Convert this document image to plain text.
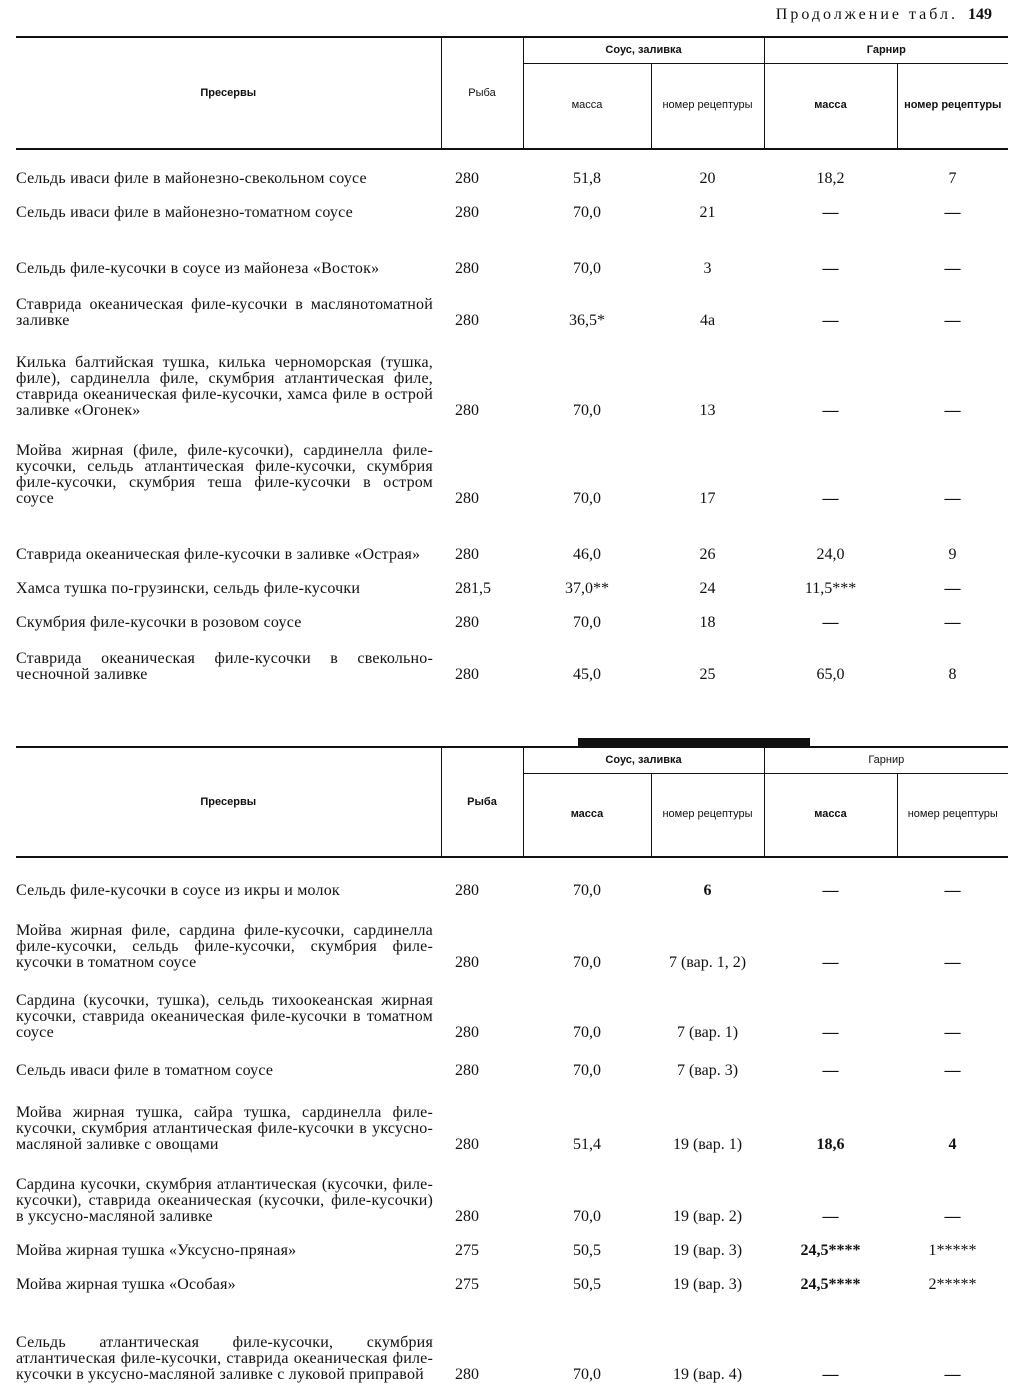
Продолжение табл. 149
Пресервы	Рыба	Соус, заливка		Гарнир	
		масса	номер рецептуры	масса	номер рецептуры
Сельдь иваси филе в майонезно-свекольном соусе	280	51,8	20	18,2	7
Сельдь иваси филе в майонезно-томатном соусе	280	70,0	21	—	—
Сельдь филе-кусочки в соусе из майонеза «Восток»	280	70,0	3	—	—
Ставрида океаническая филе-кусочки в маслянотоматной заливке	280	36,5*	4а	—	—
Килька балтийская тушка, килька черноморская (тушка, филе), сардинелла филе, скумбрия атлантическая филе, ставрида океаническая филе-кусочки, хамса филе в острой заливке «Огонек»	280	70,0	13	—	—
Мойва жирная (филе, филе-кусочки), сардинелла филе-кусочки, сельдь атлантическая филе-кусочки, скумбрия филе-кусочки, скумбрия теша филе-кусочки в остром соусе	280	70,0	17	—	—
Ставрида океаническая филе-кусочки в заливке «Острая»	280	46,0	26	24,0	9
Хамса тушка по-грузински, сельдь филе-кусочки	281,5	37,0**	24	11,5***	—
Скумбрия филе-кусочки в розовом соусе	280	70,0	18	—	—
Ставрида океаническая филе-кусочки в свекольно-чесночной заливке	280	45,0	25	65,0	8
Пресервы	Рыба	Соус, заливка		Гарнир	
		масса	номер рецептуры	масса	номер рецептуры
Сельдь филе-кусочки в соусе из икры и молок	280	70,0	6	—	—
Мойва жирная филе, сардина филе-кусочки, сардинелла филе-кусочки, сельдь филе-кусочки, скумбрия филе-кусочки в томатном соусе	280	70,0	7 (вар. 1, 2)	—	—
Сардина (кусочки, тушка), сельдь тихоокеанская жирная кусочки, ставрида океаническая филе-кусочки в томатном соусе	280	70,0	7 (вар. 1)	—	—
Сельдь иваси филе в томатном соусе	280	70,0	7 (вар. 3)	—	—
Мойва жирная тушка, сайра тушка, сардинелла филе-кусочки, скумбрия атлантическая филе-кусочки в уксусно-масляной заливке с овощами	280	51,4	19 (вар. 1)	18,6	4
Сардина кусочки, скумбрия атлантическая (кусочки, филе-кусочки), ставрида океаническая (кусочки, филе-кусочки) в уксусно-масляной заливке	280	70,0	19 (вар. 2)	—	—
Мойва жирная тушка «Уксусно-пряная»	275	50,5	19 (вар. 3)	24,5****	1*****
Мойва жирная тушка «Особая»	275	50,5	19 (вар. 3)	24,5****	2*****
Сельдь атлантическая филе-кусочки, скумбрия атлантическая филе-кусочки, ставрида океаническая филе-кусочки в уксусно-масляной заливке с луковой приправой	280	70,0	19 (вар. 4)	—	—
